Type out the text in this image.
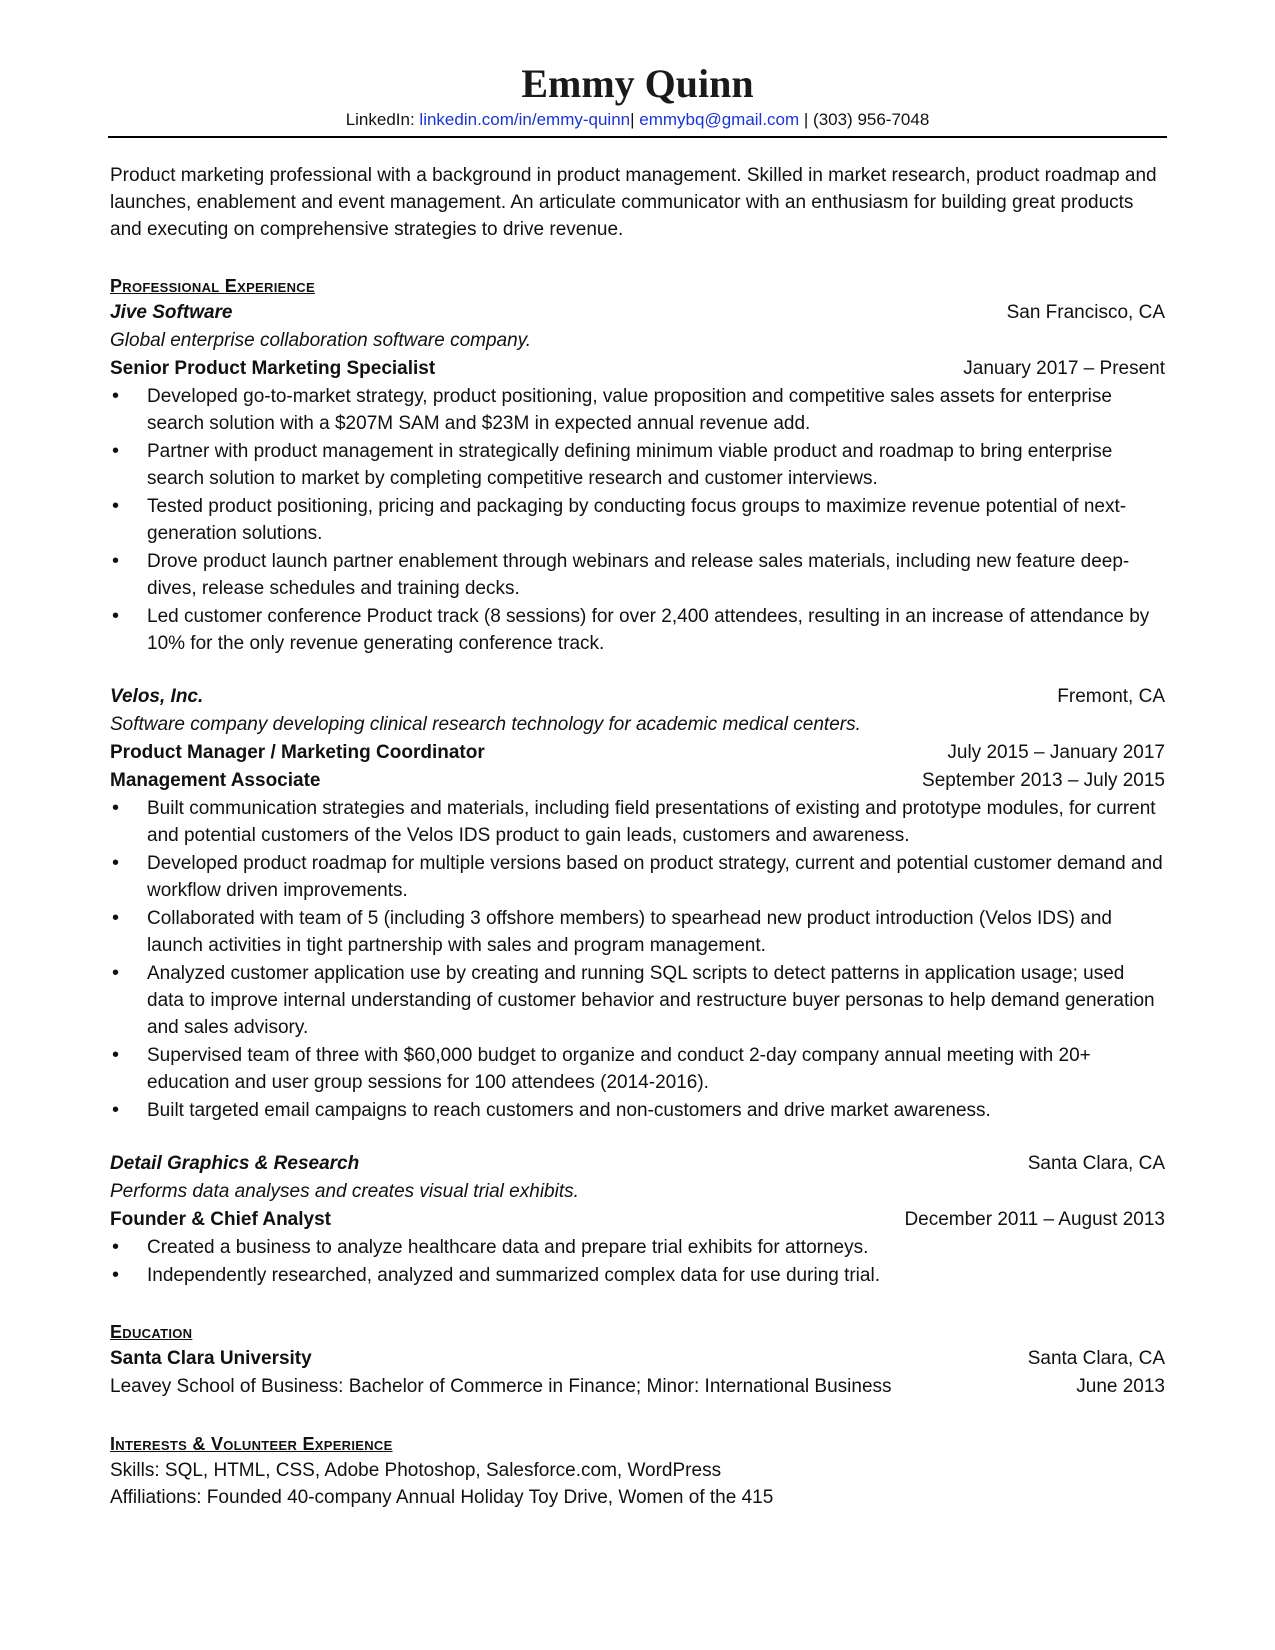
Emmy Quinn
LinkedIn: linkedin.com/in/emmy-quinn| emmybq@gmail.com | (303) 956-7048
Product marketing professional with a background in product management. Skilled in market research, product roadmap and launches, enablement and event management. An articulate communicator with an enthusiasm for building great products and executing on comprehensive strategies to drive revenue.
Professional Experience
Jive Software	San Francisco, CA
Global enterprise collaboration software company.
Senior Product Marketing Specialist	January 2017 – Present
• Developed go-to-market strategy, product positioning, value proposition and competitive sales assets for enterprise search solution with a $207M SAM and $23M in expected annual revenue add.
• Partner with product management in strategically defining minimum viable product and roadmap to bring enterprise search solution to market by completing competitive research and customer interviews.
• Tested product positioning, pricing and packaging by conducting focus groups to maximize revenue potential of next-generation solutions.
• Drove product launch partner enablement through webinars and release sales materials, including new feature deep-dives, release schedules and training decks.
• Led customer conference Product track (8 sessions) for over 2,400 attendees, resulting in an increase of attendance by 10% for the only revenue generating conference track.
Velos, Inc.	Fremont, CA
Software company developing clinical research technology for academic medical centers.
Product Manager / Marketing Coordinator	July 2015 – January 2017
Management Associate	September 2013 – July 2015
• Built communication strategies and materials, including field presentations of existing and prototype modules, for current and potential customers of the Velos IDS product to gain leads, customers and awareness.
• Developed product roadmap for multiple versions based on product strategy, current and potential customer demand and workflow driven improvements.
• Collaborated with team of 5 (including 3 offshore members) to spearhead new product introduction (Velos IDS) and launch activities in tight partnership with sales and program management.
• Analyzed customer application use by creating and running SQL scripts to detect patterns in application usage; used data to improve internal understanding of customer behavior and restructure buyer personas to help demand generation and sales advisory.
• Supervised team of three with $60,000 budget to organize and conduct 2-day company annual meeting with 20+ education and user group sessions for 100 attendees (2014-2016).
• Built targeted email campaigns to reach customers and non-customers and drive market awareness.
Detail Graphics & Research	Santa Clara, CA
Performs data analyses and creates visual trial exhibits.
Founder & Chief Analyst	December 2011 – August 2013
• Created a business to analyze healthcare data and prepare trial exhibits for attorneys.
• Independently researched, analyzed and summarized complex data for use during trial.
Education
Santa Clara University	Santa Clara, CA
Leavey School of Business: Bachelor of Commerce in Finance; Minor: International Business	June 2013
Interests & Volunteer Experience
Skills: SQL, HTML, CSS, Adobe Photoshop, Salesforce.com, WordPress
Affiliations: Founded 40-company Annual Holiday Toy Drive, Women of the 415
